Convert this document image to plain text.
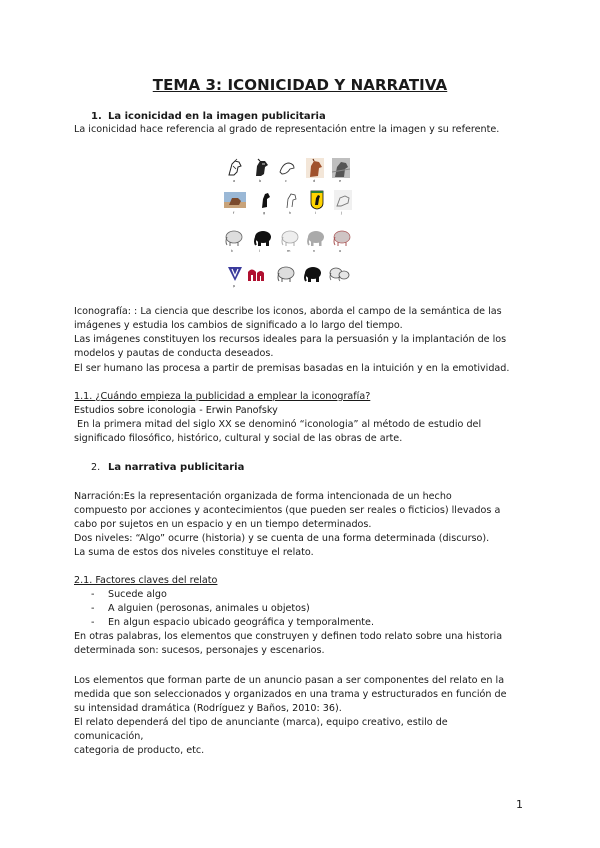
TEMA 3: ICONICIDAD Y NARRATIVA
1. La iconicidad en la imagen publicitaria
La iconicidad hace referencia al grado de representación entre la imagen y su referente.
a	b	c	d	e
f	g	h	i	j
k	l	m	n	o
p
Iconografía: : La ciencia que describe los iconos, aborda el campo de la semántica de las
imágenes y estudia los cambios de significado a lo largo del tiempo.
Las imágenes constituyen los recursos ideales para la persuasión y la implantación de los
modelos y pautas de conducta deseados.
El ser humano las procesa a partir de premisas basadas en la intuición y en la emotividad.
1.1. ¿Cuándo empieza la publicidad a emplear la iconografía?
Estudios sobre iconologia - Erwin Panofsky
En la primera mitad del siglo XX se denominó “iconologia” al método de estudio del
significado filosófico, histórico, cultural y social de las obras de arte.
2. La narrativa publicitaria
Narración:Es la representación organizada de forma intencionada de un hecho
compuesto por acciones y acontecimientos (que pueden ser reales o ficticios) llevados a
cabo por sujetos en un espacio y en un tiempo determinados.
Dos niveles: “Algo” ocurre (historia) y se cuenta de una forma determinada (discurso).
La suma de estos dos niveles constituye el relato.
2.1. Factores claves del relato
- Sucede algo
- A alguien (perosonas, animales u objetos)
- En algun espacio ubicado geográfica y temporalmente.
En otras palabras, los elementos que construyen y definen todo relato sobre una historia
determinada son: sucesos, personajes y escenarios.
Los elementos que forman parte de un anuncio pasan a ser componentes del relato en la
medida que son seleccionados y organizados en una trama y estructurados en función de
su intensidad dramática (Rodríguez y Baños, 2010: 36).
El relato dependerá del tipo de anunciante (marca), equipo creativo, estilo de
comunicación,
categoria de producto, etc.
1
